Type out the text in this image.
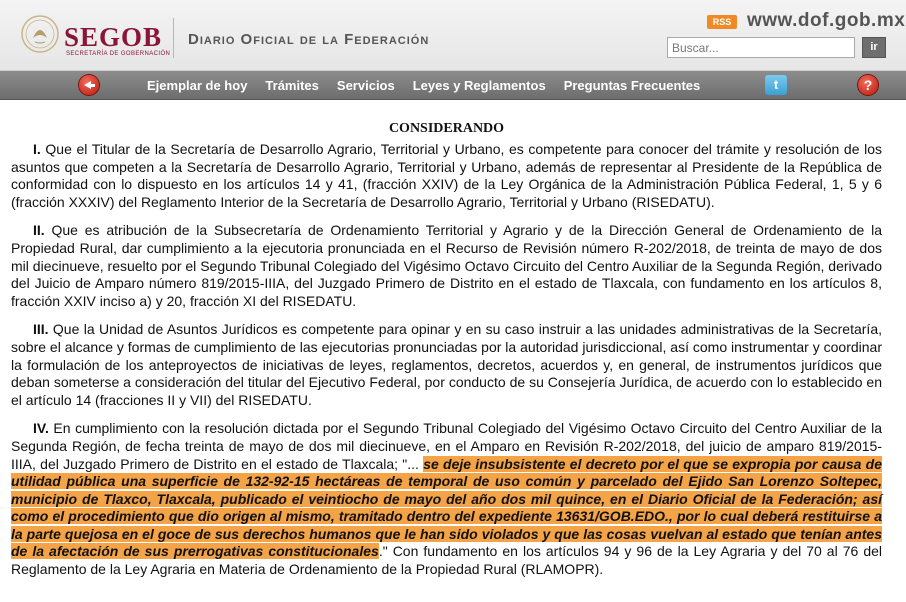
SEGOB
SECRETARÍA DE GOBERNACIÓN
Diario Oficial de la Federación
RSS www.dof.gob.mx
Buscar...
ir
Ejemplar de hoy Trámites Servicios Leyes y Reglamentos Preguntas Frecuentes	t	?
CONSIDERANDO

I. Que el Titular de la Secretaría de Desarrollo Agrario, Territorial y Urbano, es competente para conocer del trámite y resolución de los asuntos que competen a la Secretaría de Desarrollo Agrario, Territorial y Urbano, además de representar al Presidente de la República de conformidad con lo dispuesto en los artículos 14 y 41, (fracción XXIV) de la Ley Orgánica de la Administración Pública Federal, 1, 5 y 6 (fracción XXXIV) del Reglamento Interior de la Secretaría de Desarrollo Agrario, Territorial y Urbano (RISEDATU).

II. Que es atribución de la Subsecretaría de Ordenamiento Territorial y Agrario y de la Dirección General de Ordenamiento de la Propiedad Rural, dar cumplimiento a la ejecutoria pronunciada en el Recurso de Revisión número R-202/2018, de treinta de mayo de dos mil diecinueve, resuelto por el Segundo Tribunal Colegiado del Vigésimo Octavo Circuito del Centro Auxiliar de la Segunda Región, derivado del Juicio de Amparo número 819/2015-IIIA, del Juzgado Primero de Distrito en el estado de Tlaxcala, con fundamento en los artículos 8, fracción XXIV inciso a) y 20, fracción XI del RISEDATU.

III. Que la Unidad de Asuntos Jurídicos es competente para opinar y en su caso instruir a las unidades administrativas de la Secretaría, sobre el alcance y formas de cumplimiento de las ejecutorias pronunciadas por la autoridad jurisdiccional, así como instrumentar y coordinar la formulación de los anteproyectos de iniciativas de leyes, reglamentos, decretos, acuerdos y, en general, de instrumentos jurídicos que deban someterse a consideración del titular del Ejecutivo Federal, por conducto de su Consejería Jurídica, de acuerdo con lo establecido en el artículo 14 (fracciones II y VII) del RISEDATU.

IV. En cumplimiento con la resolución dictada por el Segundo Tribunal Colegiado del Vigésimo Octavo Circuito del Centro Auxiliar de la Segunda Región, de fecha treinta de mayo de dos mil diecinueve, en el Amparo en Revisión R-202/2018, del juicio de amparo 819/2015-IIIA, del Juzgado Primero de Distrito en el estado de Tlaxcala; "... se deje insubsistente el decreto por el que se expropia por causa de utilidad pública una superficie de 132-92-15 hectáreas de temporal de uso común y parcelado del Ejido San Lorenzo Soltepec, municipio de Tlaxco, Tlaxcala, publicado el veintiocho de mayo del año dos mil quince, en el Diario Oficial de la Federación; así como el procedimiento que dio origen al mismo, tramitado dentro del expediente 13631/GOB.EDO., por lo cual deberá restituirse a la parte quejosa en el goce de sus derechos humanos que le han sido violados y que las cosas vuelvan al estado que tenían antes de la afectación de sus prerrogativas constitucionales." Con fundamento en los artículos 94 y 96 de la Ley Agraria y del 70 al 76 del Reglamento de la Ley Agraria en Materia de Ordenamiento de la Propiedad Rural (RLAMOPR).
